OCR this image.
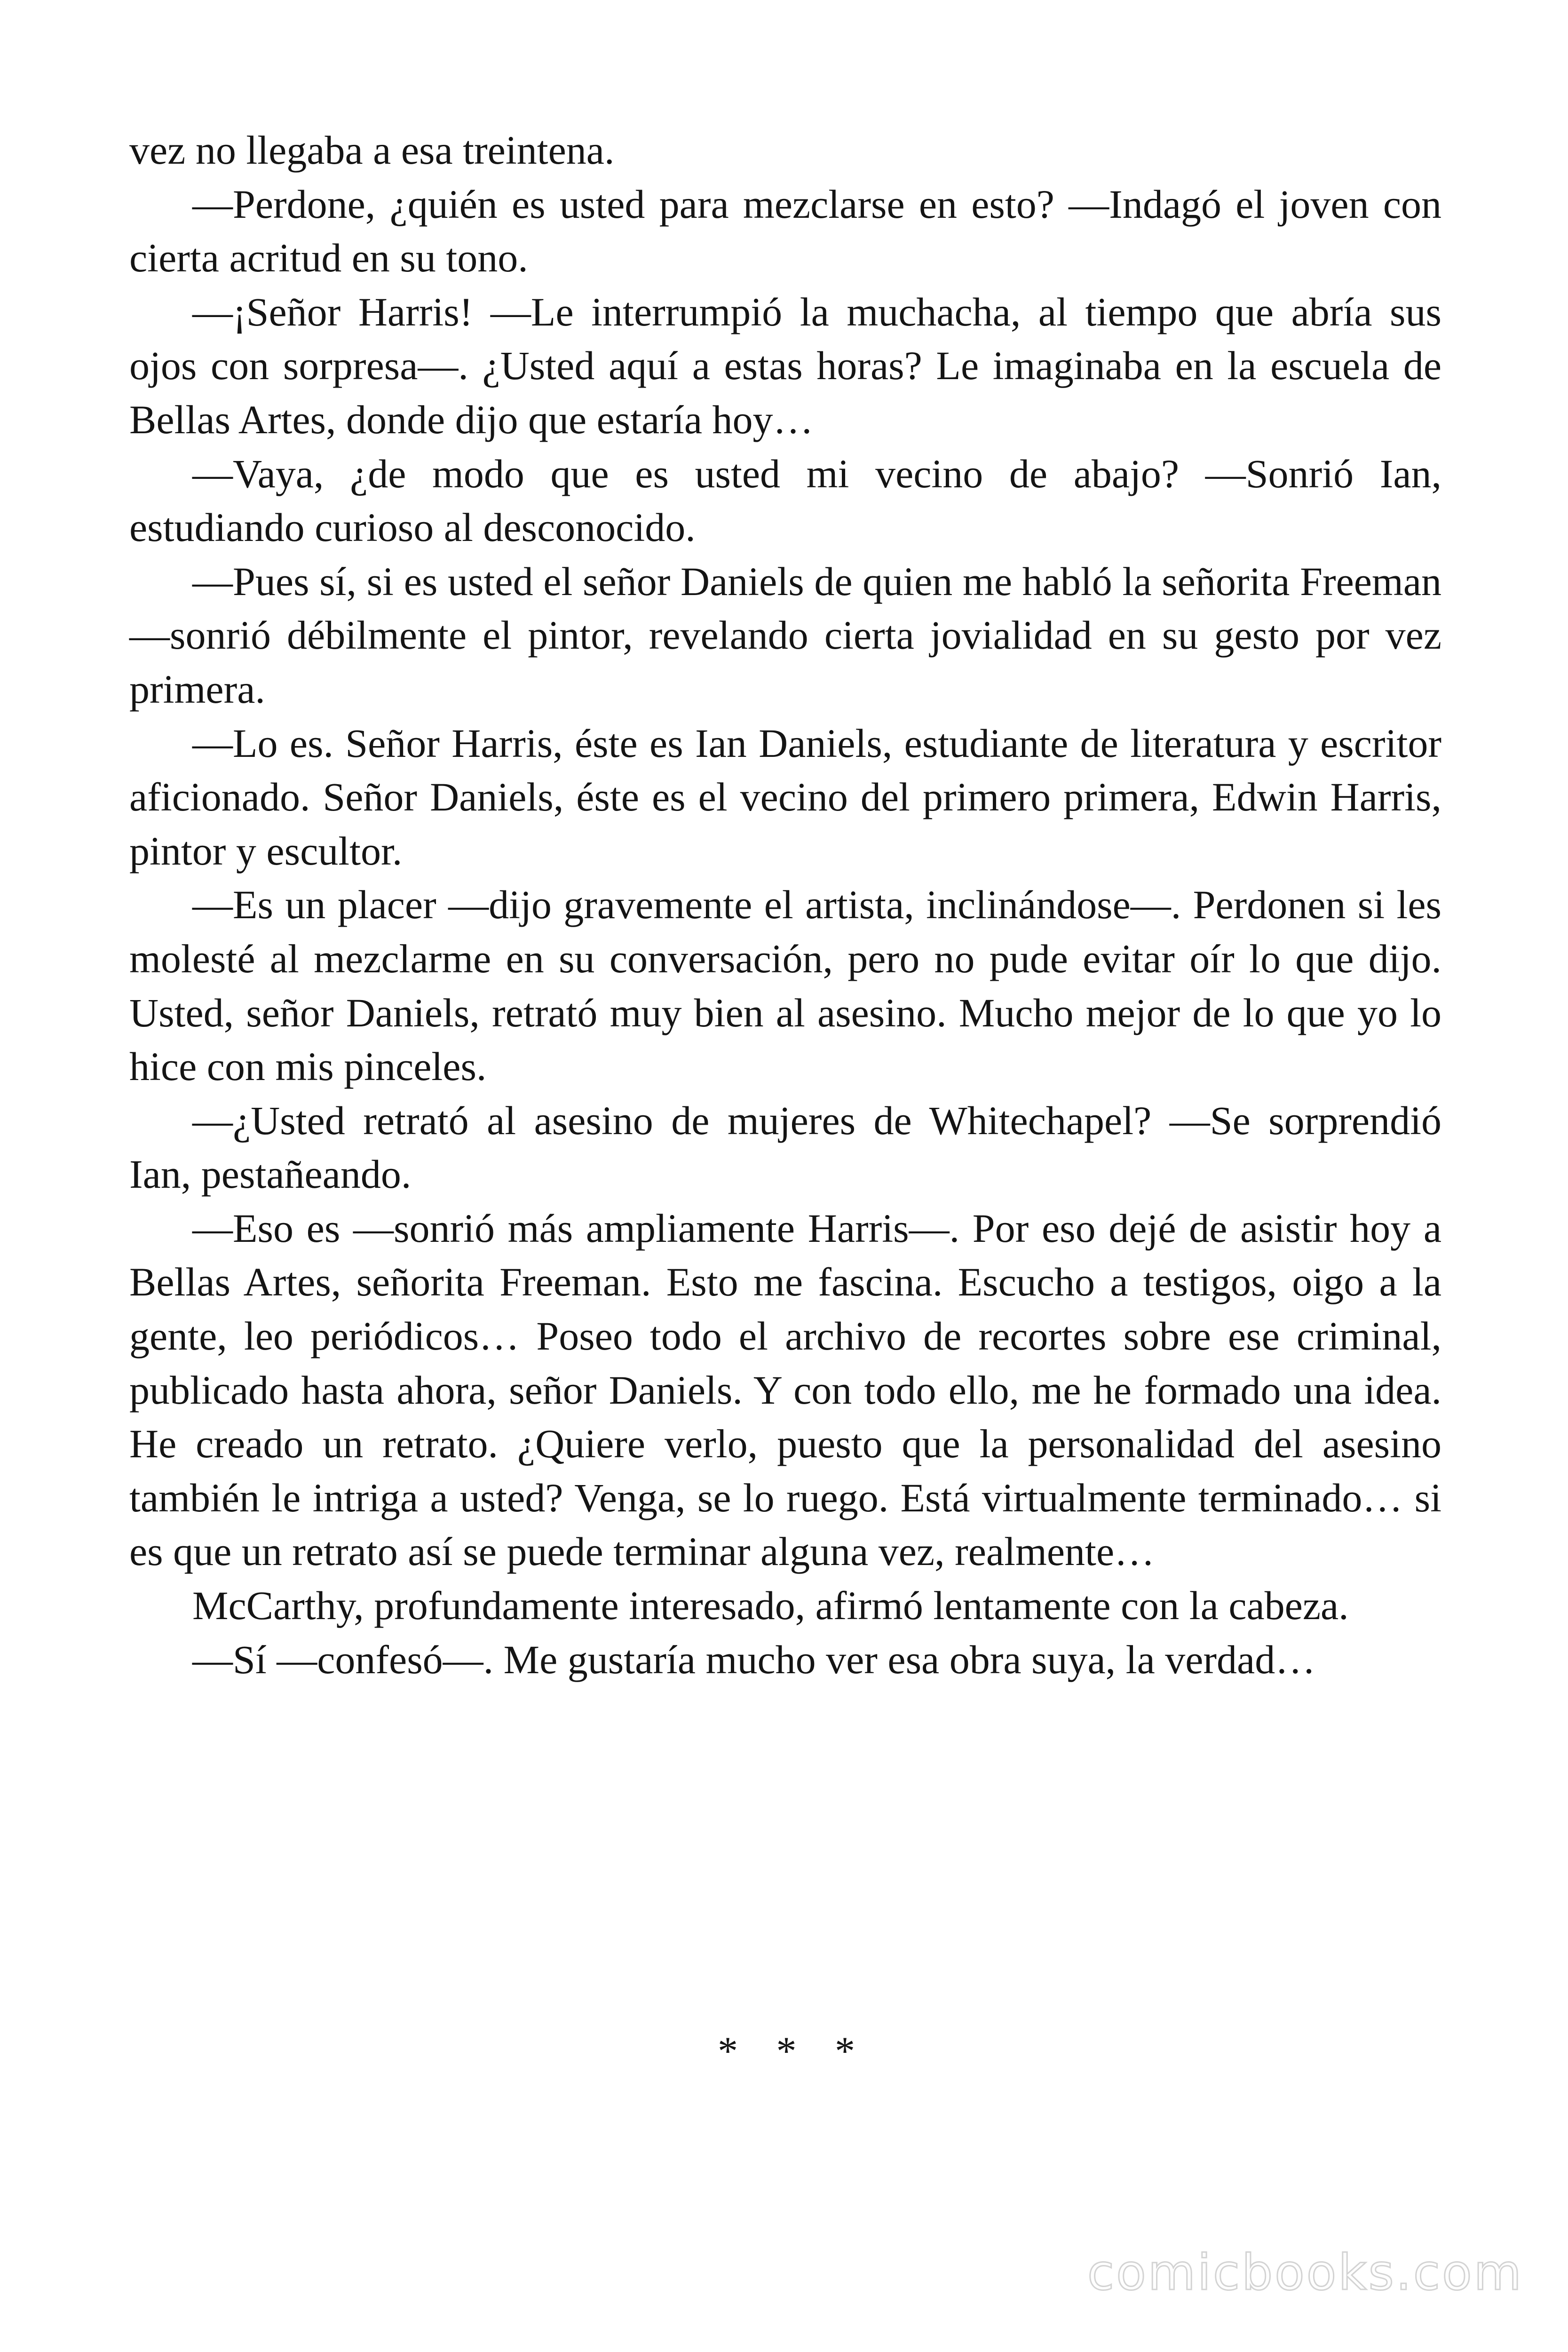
vez no llegaba a esa treintena.

—Perdone, ¿quién es usted para mezclarse en esto? —Indagó el joven con cierta acritud en su tono.

—¡Señor Harris! —Le interrumpió la muchacha, al tiempo que abría sus ojos con sorpresa—. ¿Usted aquí a estas horas? Le imaginaba en la escuela de Bellas Artes, donde dijo que estaría hoy…

—Vaya, ¿de modo que es usted mi vecino de abajo? —Sonrió Ian, estudiando curioso al desconocido.

—Pues sí, si es usted el señor Daniels de quien me habló la señorita Freeman —sonrió débilmente el pintor, revelando cierta jovialidad en su gesto por vez primera.

—Lo es. Señor Harris, éste es Ian Daniels, estudiante de literatura y escritor aficionado. Señor Daniels, éste es el vecino del primero primera, Edwin Harris, pintor y escultor.

—Es un placer —dijo gravemente el artista, inclinándose—. Perdonen si les molesté al mezclarme en su conversación, pero no pude evitar oír lo que dijo. Usted, señor Daniels, retrató muy bien al asesino. Mucho mejor de lo que yo lo hice con mis pinceles.

—¿Usted retrató al asesino de mujeres de Whitechapel? —Se sorprendió Ian, pestañeando.

—Eso es —sonrió más ampliamente Harris—. Por eso dejé de asistir hoy a Bellas Artes, señorita Freeman. Esto me fascina. Escucho a testigos, oigo a la gente, leo periódicos… Poseo todo el archivo de recortes sobre ese criminal, publicado hasta ahora, señor Daniels. Y con todo ello, me he formado una idea. He creado un retrato. ¿Quiere verlo, puesto que la personalidad del asesino también le intriga a usted? Venga, se lo ruego. Está virtualmente terminado… si es que un retrato así se puede terminar alguna vez, realmente…

McCarthy, profundamente interesado, afirmó lentamente con la cabeza.

—Sí —confesó—. Me gustaría mucho ver esa obra suya, la verdad…

* * *
comicbooks.com
